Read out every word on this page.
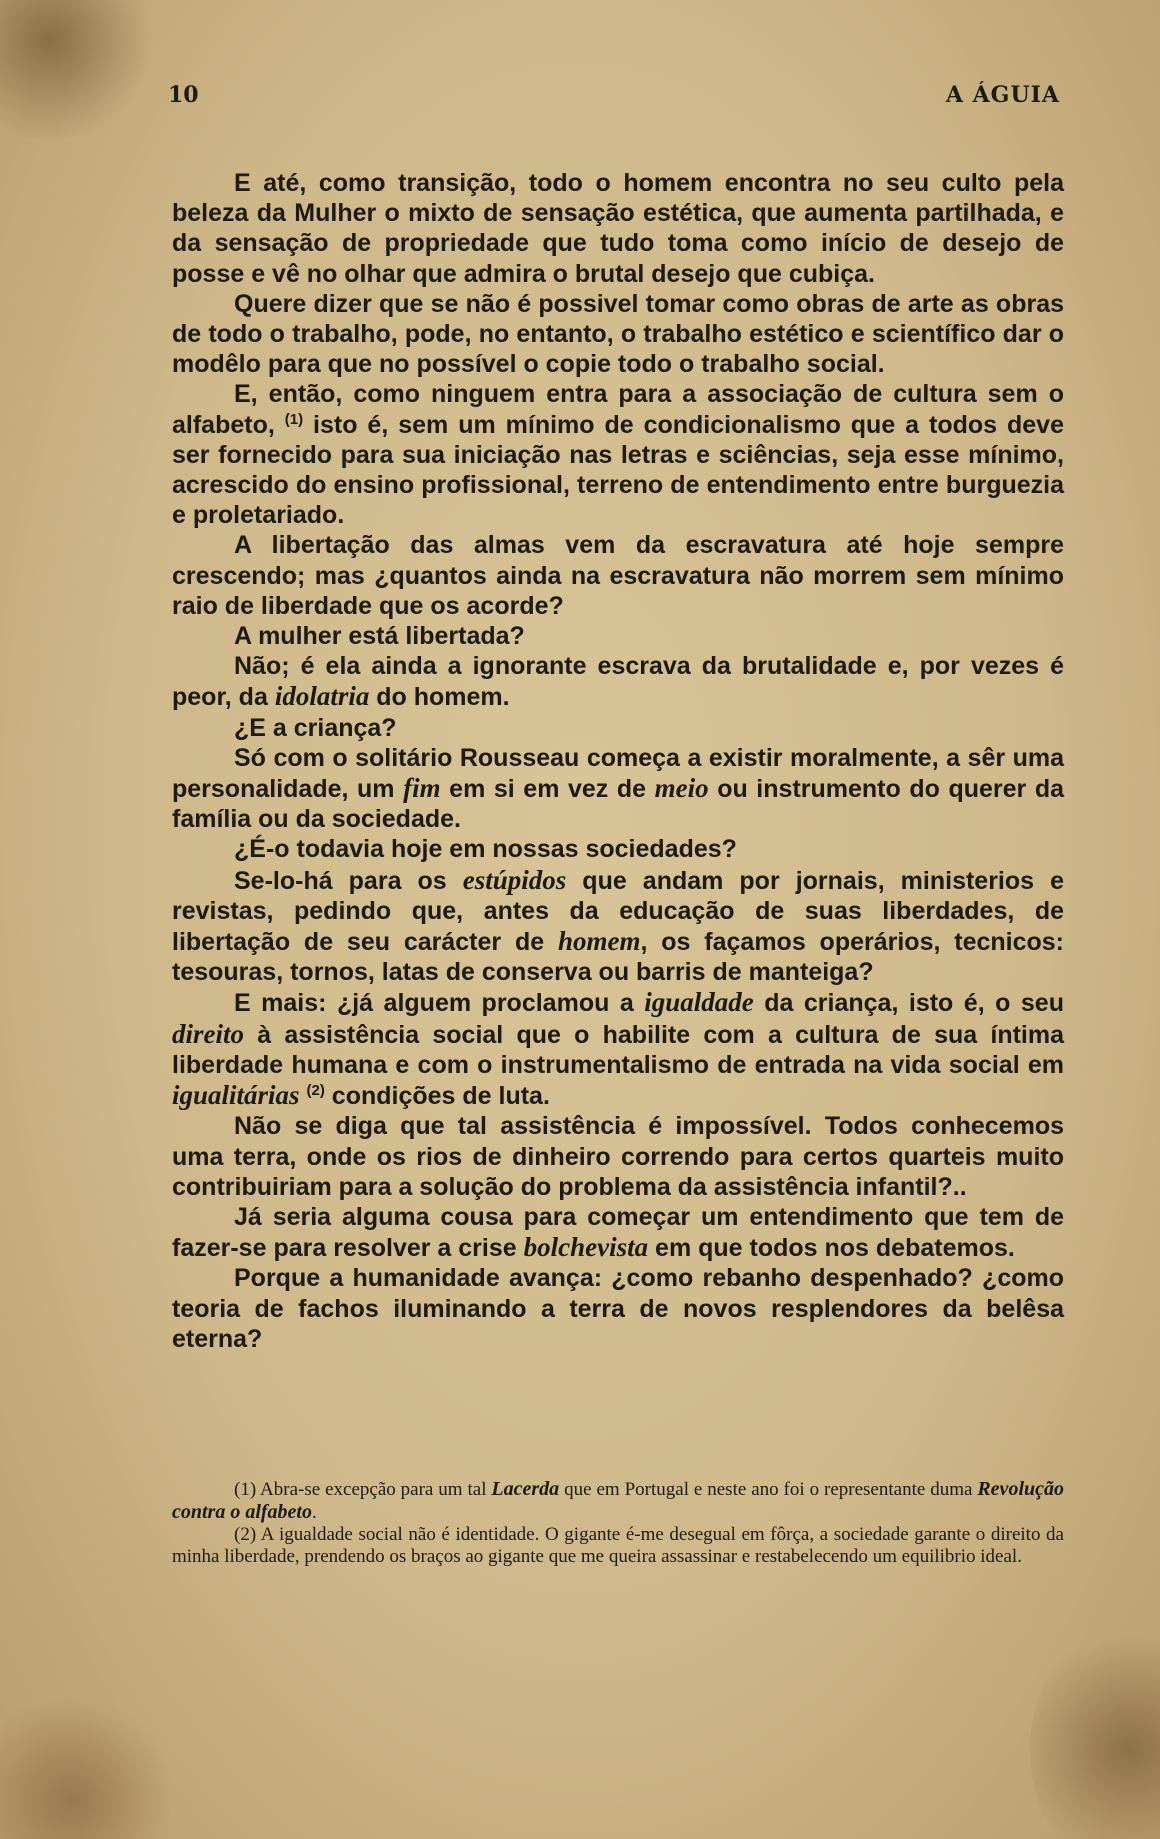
10	A ÁGUIA

E até, como transição, todo o homem encontra no seu culto pela beleza da Mulher o mixto de sensação estética, que aumenta partilhada, e da sensação de propriedade que tudo toma como início de desejo de posse e vê no olhar que admira o brutal desejo que cubiça.

Quere dizer que se não é possivel tomar como obras de arte as obras de todo o trabalho, pode, no entanto, o trabalho estético e scientífico dar o modêlo para que no possível o copie todo o trabalho social.

E, então, como ninguem entra para a associação de cultura sem o alfabeto, $^{(1)}$ isto é, sem um mínimo de condicionalismo que a todos deve ser fornecido para sua iniciação nas letras e sciências, seja esse mínimo, acrescido do ensino profissional, terreno de entendimento entre burguezia e proletariado.

A libertação das almas vem da escravatura até hoje sempre crescendo; mas ¿quantos ainda na escravatura não morrem sem mínimo raio de liberdade que os acorde?

A mulher está libertada?

Não; é ela ainda a ignorante escrava da brutalidade e, por vezes é peor, da idolatria do homem.

¿E a criança?

Só com o solitário Rousseau começa a existir moralmente, a sêr uma personalidade, um fim em si em vez de meio ou instrumento do querer da família ou da sociedade.

¿É-o todavia hoje em nossas sociedades?

Se-lo-há para os estúpidos que andam por jornais, ministerios e revistas, pedindo que, antes da educação de suas liberdades, de libertação de seu carácter de homem, os façamos operários, tecnicos: tesouras, tornos, latas de conserva ou barris de manteiga?

E mais: ¿já alguem proclamou a igualdade da criança, isto é, o seu direito à assistência social que o habilite com a cultura de sua íntima liberdade humana e com o instrumentalismo de entrada na vida social em igualitárias $^{(2)}$ condições de luta.

Não se diga que tal assistência é impossível. Todos conhecemos uma terra, onde os rios de dinheiro correndo para certos quarteis muito contribuiriam para a solução do problema da assistência infantil?..

Já seria alguma cousa para começar um entendimento que tem de fazer-se para resolver a crise bolchevista em que todos nos debatemos.

Porque a humanidade avança: ¿como rebanho despenhado? ¿como teoria de fachos iluminando a terra de novos resplendores da belêsa eterna?

(1) Abra-se excepção para um tal Lacerda que em Portugal e neste ano foi o representante duma Revolução contra o alfabeto.

(2) A igualdade social não é identidade. O gigante é-me desegual em fôrça, a sociedade garante o direito da minha liberdade, prendendo os braços ao gigante que me queira assassinar e restabelecendo um equilibrio ideal.
